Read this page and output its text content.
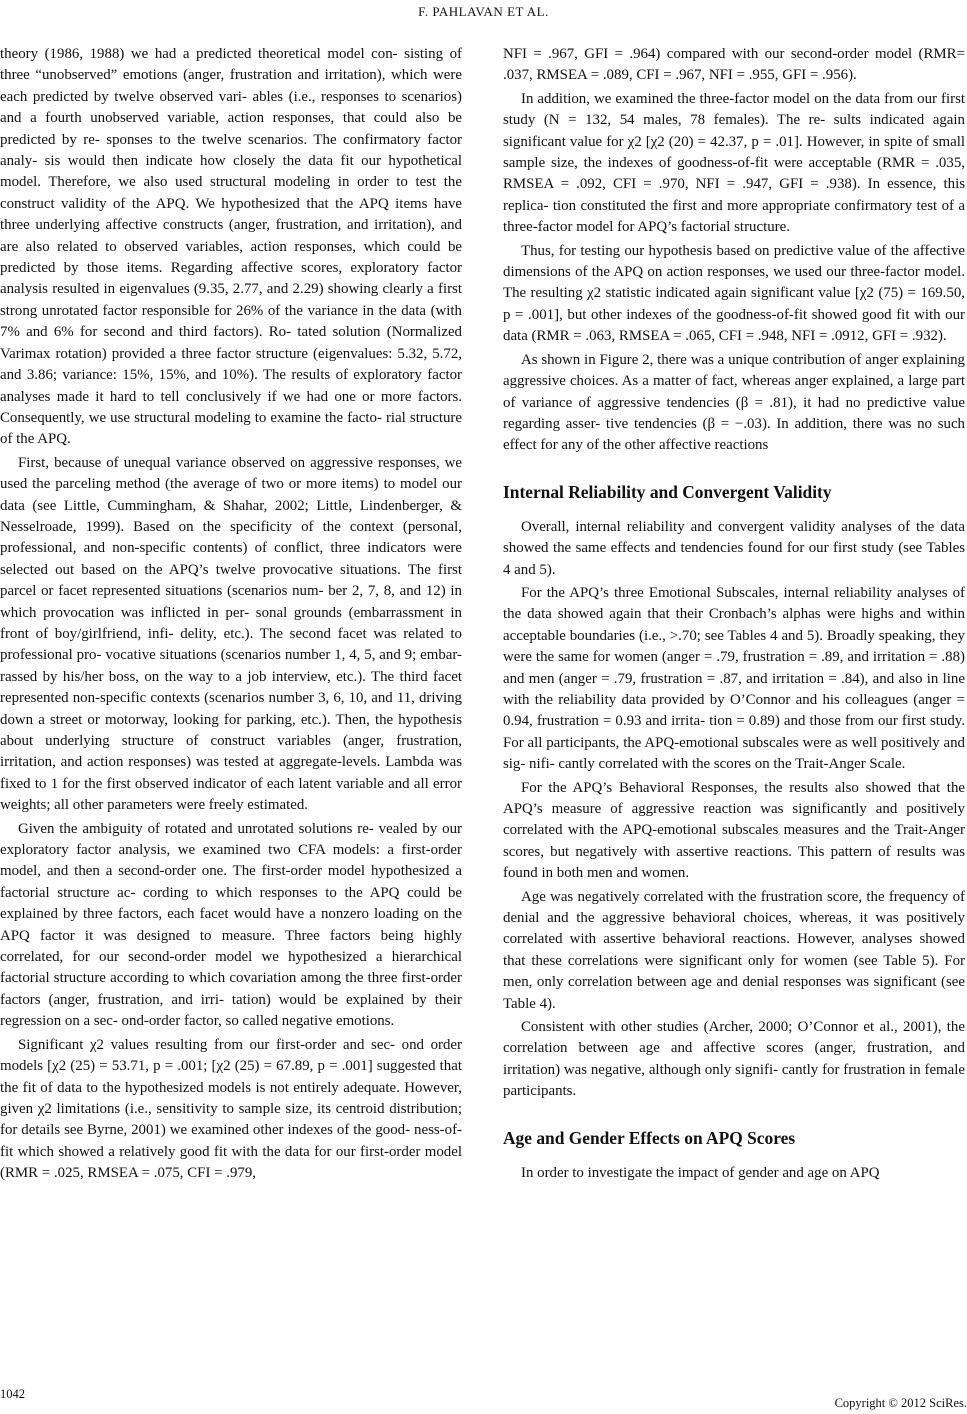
F. PAHLAVAN ET AL.

theory (1986, 1988) we had a predicted theoretical model con- sisting of three “unobserved” emotions (anger, frustration and irritation), which were each predicted by twelve observed vari- ables (i.e., responses to scenarios) and a fourth unobserved variable, action responses, that could also be predicted by re- sponses to the twelve scenarios. The confirmatory factor analy- sis would then indicate how closely the data fit our hypothetical model. Therefore, we also used structural modeling in order to test the construct validity of the APQ. We hypothesized that the APQ items have three underlying affective constructs (anger, frustration, and irritation), and are also related to observed variables, action responses, which could be predicted by those items. Regarding affective scores, exploratory factor analysis resulted in eigenvalues (9.35, 2.77, and 2.29) showing clearly a first strong unrotated factor responsible for 26% of the variance in the data (with 7% and 6% for second and third factors). Ro- tated solution (Normalized Varimax rotation) provided a three factor structure (eigenvalues: 5.32, 5.72, and 3.86; variance: 15%, 15%, and 10%). The results of exploratory factor analyses made it hard to tell conclusively if we had one or more factors. Consequently, we use structural modeling to examine the facto- rial structure of the APQ.

First, because of unequal variance observed on aggressive responses, we used the parceling method (the average of two or more items) to model our data (see Little, Cummingham, & Shahar, 2002; Little, Lindenberger, & Nesselroade, 1999). Based on the specificity of the context (personal, professional, and non-specific contents) of conflict, three indicators were selected out based on the APQ’s twelve provocative situations. The first parcel or facet represented situations (scenarios num- ber 2, 7, 8, and 12) in which provocation was inflicted in per- sonal grounds (embarrassment in front of boy/girlfriend, infi- delity, etc.). The second facet was related to professional pro- vocative situations (scenarios number 1, 4, 5, and 9; embar- rassed by his/her boss, on the way to a job interview, etc.). The third facet represented non-specific contexts (scenarios number 3, 6, 10, and 11, driving down a street or motorway, looking for parking, etc.). Then, the hypothesis about underlying structure of construct variables (anger, frustration, irritation, and action responses) was tested at aggregate-levels. Lambda was fixed to 1 for the first observed indicator of each latent variable and all error weights; all other parameters were freely estimated.

Given the ambiguity of rotated and unrotated solutions re- vealed by our exploratory factor analysis, we examined two CFA models: a first-order model, and then a second-order one. The first-order model hypothesized a factorial structure ac- cording to which responses to the APQ could be explained by three factors, each facet would have a nonzero loading on the APQ factor it was designed to measure. Three factors being highly correlated, for our second-order model we hypothesized a hierarchical factorial structure according to which covariation among the three first-order factors (anger, frustration, and irri- tation) would be explained by their regression on a sec- ond-order factor, so called negative emotions.

Significant χ2 values resulting from our first-order and sec- ond order models [χ2 (25) = 53.71, p = .001; [χ2 (25) = 67.89, p = .001] suggested that the fit of data to the hypothesized models is not entirely adequate. However, given χ2 limitations (i.e., sensitivity to sample size, its centroid distribution; for details see Byrne, 2001) we examined other indexes of the good- ness-of-fit which showed a relatively good fit with the data for our first-order model (RMR = .025, RMSEA = .075, CFI = .979,

NFI = .967, GFI = .964) compared with our second-order model (RMR= .037, RMSEA = .089, CFI = .967, NFI = .955, GFI = .956).

In addition, we examined the three-factor model on the data from our first study (N = 132, 54 males, 78 females). The re- sults indicated again significant value for χ2 [χ2 (20) = 42.37, p = .01]. However, in spite of small sample size, the indexes of goodness-of-fit were acceptable (RMR = .035, RMSEA = .092, CFI = .970, NFI = .947, GFI = .938). In essence, this replica- tion constituted the first and more appropriate confirmatory test of a three-factor model for APQ’s factorial structure.

Thus, for testing our hypothesis based on predictive value of the affective dimensions of the APQ on action responses, we used our three-factor model. The resulting χ2 statistic indicated again significant value [χ2 (75) = 169.50, p = .001], but other indexes of the goodness-of-fit showed good fit with our data (RMR = .063, RMSEA = .065, CFI = .948, NFI = .0912, GFI = .932).

As shown in Figure 2, there was a unique contribution of anger explaining aggressive choices. As a matter of fact, whereas anger explained, a large part of variance of aggressive tendencies (β = .81), it had no predictive value regarding asser- tive tendencies (β = −.03). In addition, there was no such effect for any of the other affective reactions

Internal Reliability and Convergent Validity

Overall, internal reliability and convergent validity analyses of the data showed the same effects and tendencies found for our first study (see Tables 4 and 5).

For the APQ’s three Emotional Subscales, internal reliability analyses of the data showed again that their Cronbach’s alphas were highs and within acceptable boundaries (i.e., >.70; see Tables 4 and 5). Broadly speaking, they were the same for women (anger = .79, frustration = .89, and irritation = .88) and men (anger = .79, frustration = .87, and irritation = .84), and also in line with the reliability data provided by O’Connor and his colleagues (anger = 0.94, frustration = 0.93 and irrita- tion = 0.89) and those from our first study. For all participants, the APQ-emotional subscales were as well positively and sig- nifi- cantly correlated with the scores on the Trait-Anger Scale.

For the APQ’s Behavioral Responses, the results also showed that the APQ’s measure of aggressive reaction was significantly and positively correlated with the APQ-emotional subscales measures and the Trait-Anger scores, but negatively with assertive reactions. This pattern of results was found in both men and women.

Age was negatively correlated with the frustration score, the frequency of denial and the aggressive behavioral choices, whereas, it was positively correlated with assertive behavioral reactions. However, analyses showed that these correlations were significant only for women (see Table 5). For men, only correlation between age and denial responses was significant (see Table 4).

Consistent with other studies (Archer, 2000; O’Connor et al., 2001), the correlation between age and affective scores (anger, frustration, and irritation) was negative, although only signifi- cantly for frustration in female participants.

Age and Gender Effects on APQ Scores

In order to investigate the impact of gender and age on APQ

1042
Copyright © 2012 SciRes.
